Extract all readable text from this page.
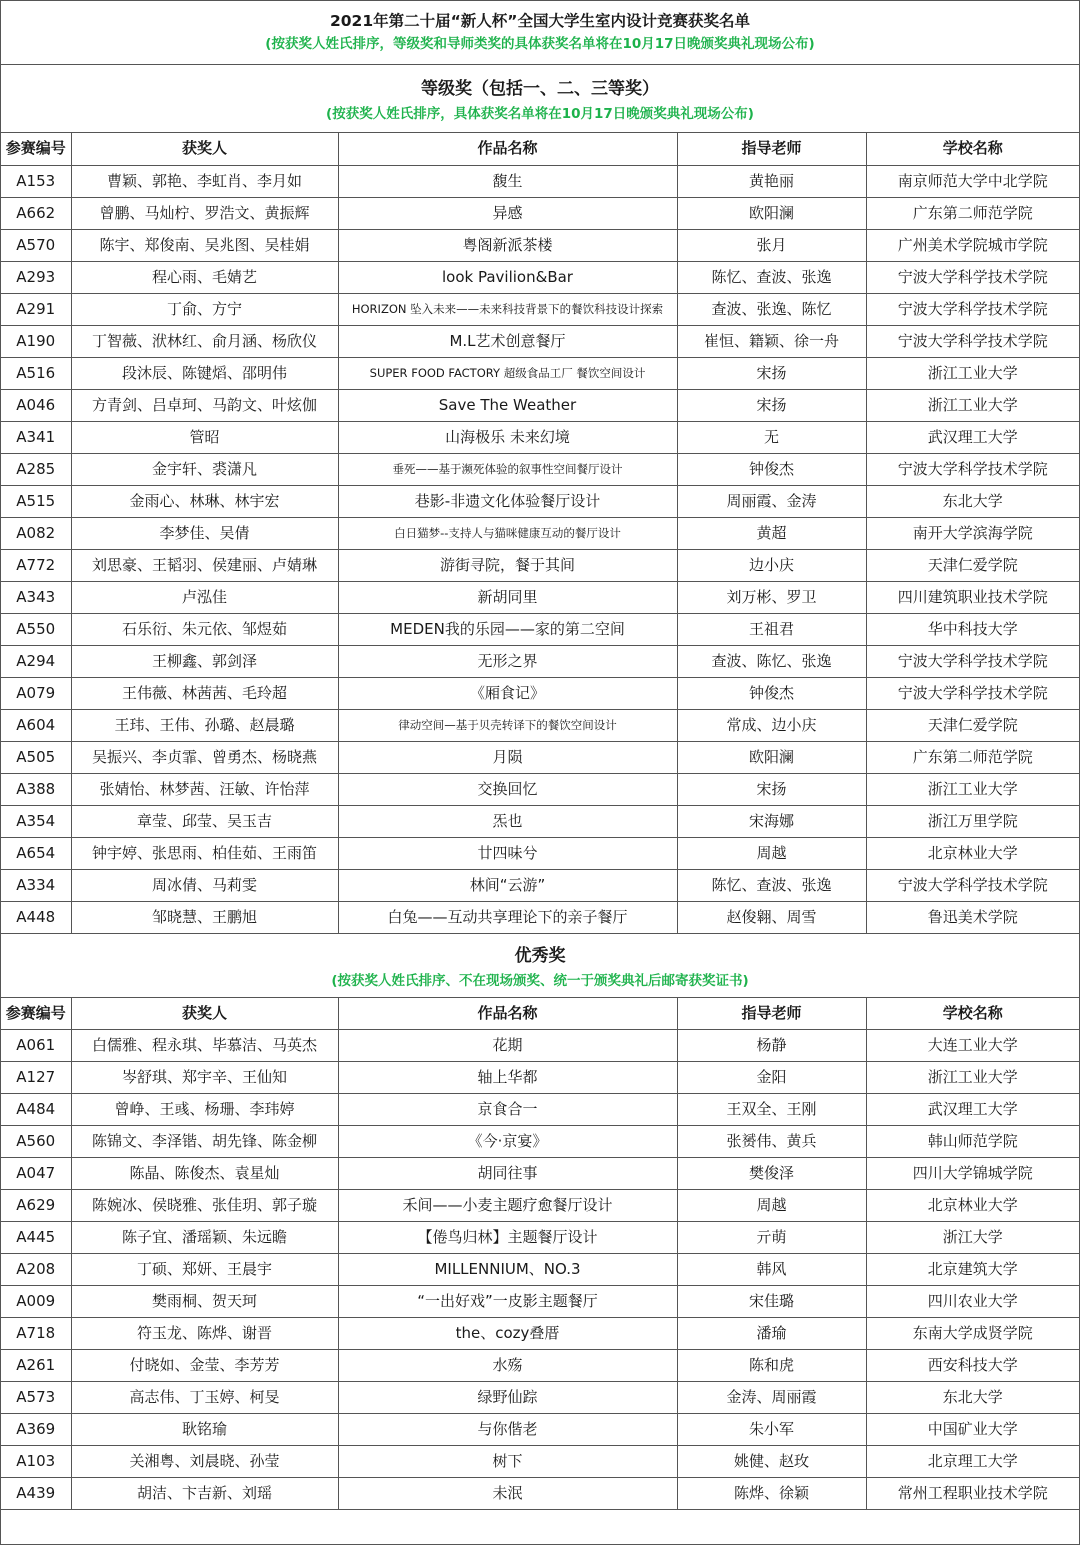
2021年第二十届“新人杯”全国大学生室内设计竞赛获奖名单
(按获奖人姓氏排序，等级奖和导师类奖的具体获奖名单将在10月17日晚颁奖典礼现场公布)
等级奖（包括一、二、三等奖）
(按获奖人姓氏排序，具体获奖名单将在10月17日晚颁奖典礼现场公布)
参赛编号	获奖人	作品名称	指导老师	学校名称
A153	曹颖、郭艳、李虹肖、李月如	馥生	黄艳丽	南京师范大学中北学院
A662	曾鹏、马灿柠、罗浩文、黄振辉	异感	欧阳澜	广东第二师范学院
A570	陈宇、郑俊南、吴兆图、吴桂娟	粤阁新派茶楼	张月	广州美术学院城市学院
A293	程心雨、毛婧艺	look Pavilion&Bar	陈忆、查波、张逸	宁波大学科学技术学院
A291	丁俞、方宁	HORIZON 坠入未来——未来科技背景下的餐饮科技设计探索	查波、张逸、陈忆	宁波大学科学技术学院
A190	丁智薇、洑林红、俞月涵、杨欣仪	M.L艺术创意餐厅	崔恒、籍颖、徐一舟	宁波大学科学技术学院
A516	段沐辰、陈键熖、邵明伟	SUPER FOOD FACTORY 超级食品工厂 餐饮空间设计	宋扬	浙江工业大学
A046	方青剑、吕卓珂、马韵文、叶炫伽	Save The Weather	宋扬	浙江工业大学
A341	管昭	山海极乐 未来幻境	无	武汉理工大学
A285	金宇轩、裘潇凡	垂死——基于濒死体验的叙事性空间餐厅设计	钟俊杰	宁波大学科学技术学院
A515	金雨心、林琳、林宇宏	巷影-非遗文化体验餐厅设计	周丽霞、金涛	东北大学
A082	李梦佳、吴倩	白日猫梦--支持人与猫咪健康互动的餐厅设计	黄超	南开大学滨海学院
A772	刘思豪、王韬羽、侯建丽、卢婧琳	游街寻院，餐于其间	边小庆	天津仁爱学院
A343	卢泓佳	新胡同里	刘万彬、罗卫	四川建筑职业技术学院
A550	石乐衍、朱元依、邹煜茹	MEDEN我的乐园——家的第二空间	王祖君	华中科技大学
A294	王柳鑫、郭剑泽	无形之界	查波、陈忆、张逸	宁波大学科学技术学院
A079	王伟薇、林茜茜、毛玲超	《厢食记》	钟俊杰	宁波大学科学技术学院
A604	王玮、王伟、孙璐、赵晨璐	律动空间—基于贝壳转译下的餐饮空间设计	常成、边小庆	天津仁爱学院
A505	吴振兴、李贞霏、曾勇杰、杨晓燕	月陨	欧阳澜	广东第二师范学院
A388	张婧怡、林梦茜、汪敏、许怡萍	交换回忆	宋扬	浙江工业大学
A354	章莹、邱莹、吴玉吉	炁也	宋海娜	浙江万里学院
A654	钟宇婷、张思雨、柏佳茹、王雨笛	廿四味兮	周越	北京林业大学
A334	周冰倩、马莉雯	林间“云游”	陈忆、查波、张逸	宁波大学科学技术学院
A448	邹晓慧、王鹏旭	白兔——互动共享理论下的亲子餐厅	赵俊翱、周雪	鲁迅美术学院
优秀奖
(按获奖人姓氏排序、不在现场颁奖、统一于颁奖典礼后邮寄获奖证书)
参赛编号	获奖人	作品名称	指导老师	学校名称
A061	白儒雅、程永琪、毕慕洁、马英杰	花期	杨静	大连工业大学
A127	岑舒琪、郑宇辛、王仙知	轴上华都	金阳	浙江工业大学
A484	曾峥、王彧、杨珊、李玮婷	京食合一	王双全、王刚	武汉理工大学
A560	陈锦文、李泽锴、胡先锋、陈金柳	《今·京宴》	张赟伟、黄兵	韩山师范学院
A047	陈晶、陈俊杰、袁星灿	胡同往事	樊俊泽	四川大学锦城学院
A629	陈婉冰、侯晓雅、张佳玥、郭子璇	禾间——小麦主题疗愈餐厅设计	周越	北京林业大学
A445	陈子宜、潘瑶颖、朱远瞻	【倦鸟归林】主题餐厅设计	亓萌	浙江大学
A208	丁硕、郑妍、王晨宇	MILLENNIUM、NO.3	韩风	北京建筑大学
A009	樊雨桐、贺天珂	“一出好戏”一皮影主题餐厅	宋佳璐	四川农业大学
A718	符玉龙、陈烨、谢晋	the、cozy叠厝	潘瑜	东南大学成贤学院
A261	付晓如、金莹、李芳芳	水殇	陈和虎	西安科技大学
A573	高志伟、丁玉婷、柯旻	绿野仙踪	金涛、周丽霞	东北大学
A369	耿铭瑜	与你偕老	朱小军	中国矿业大学
A103	关湘粤、刘晨晓、孙莹	树下	姚健、赵玫	北京理工大学
A439	胡洁、卞吉新、刘瑶	未泯	陈烨、徐颖	常州工程职业技术学院
